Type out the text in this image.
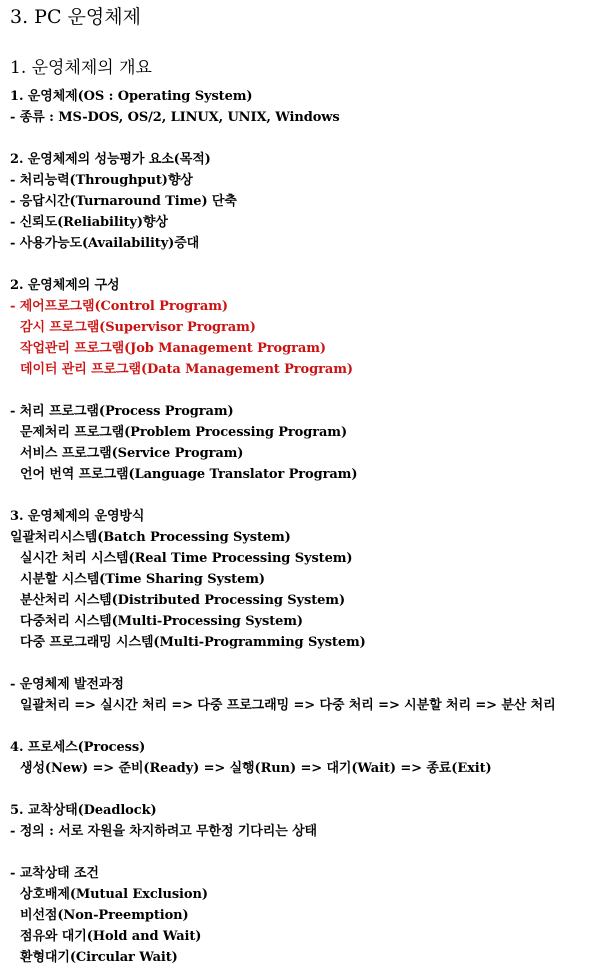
3. PC 운영체제
1. 운영체제의 개요
1. 운영체제(OS : Operating System)
- 종류 : MS-DOS, OS/2, LINUX, UNIX, Windows
2. 운영체제의 성능평가 요소(목적)
- 처리능력(Throughput)향상
- 응답시간(Turnaround Time) 단축
- 신뢰도(Reliability)향상
- 사용가능도(Availability)증대
2. 운영체제의 구성
- 제어프로그램(Control Program)
감시 프로그램(Supervisor Program)
작업관리 프로그램(Job Management Program)
데이터 관리 프로그램(Data Management Program)
- 처리 프로그램(Process Program)
문제처리 프로그램(Problem Processing Program)
서비스 프로그램(Service Program)
언어 번역 프로그램(Language Translator Program)
3. 운영체제의 운영방식
일괄처리시스템(Batch Processing System)
실시간 처리 시스템(Real Time Processing System)
시분할 시스템(Time Sharing System)
분산처리 시스템(Distributed Processing System)
다중처리 시스템(Multi-Processing System)
다중 프로그래밍 시스템(Multi-Programming System)
- 운영체제 발전과정
일괄처리 => 실시간 처리 => 다중 프로그래밍 => 다중 처리 => 시분할 처리 => 분산 처리
4. 프로세스(Process)
생성(New) => 준비(Ready) => 실행(Run) => 대기(Wait) => 종료(Exit)
5. 교착상태(Deadlock)
- 정의 : 서로 자원을 차지하려고 무한정 기다리는 상태
- 교착상태 조건
상호배제(Mutual Exclusion)
비선점(Non-Preemption)
점유와 대기(Hold and Wait)
환형대기(Circular Wait)
